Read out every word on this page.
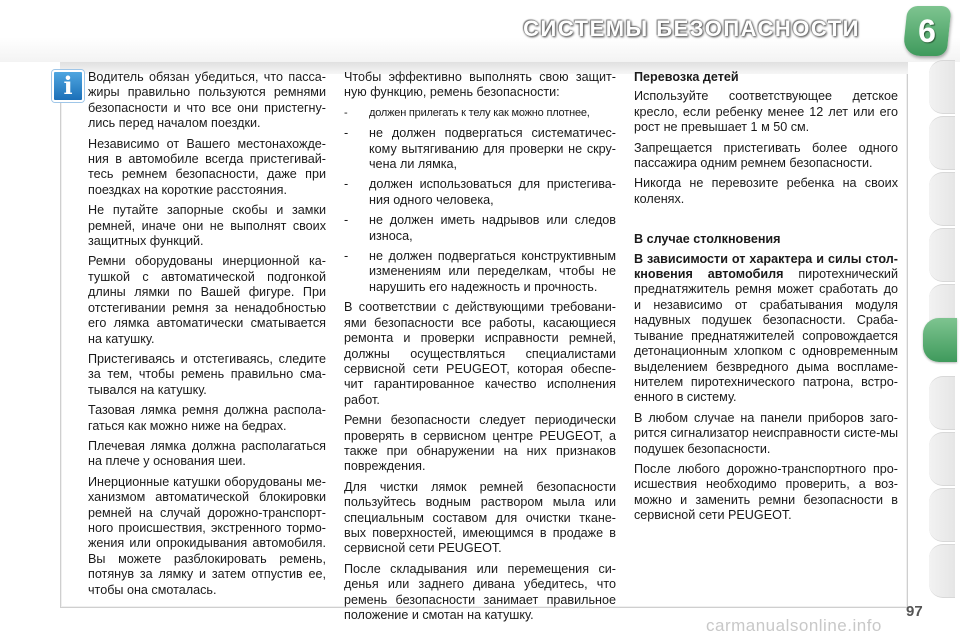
СИСТЕМЫ БЕЗОПАСНОСТИ	6
i	Водитель обязан убедиться, что пасса-жиры правильно пользуются ремнями безопасности и что все они пристегну-лись перед началом поездки.

Независимо от Вашего местонахожде-ния в автомобиле всегда пристегивай-тесь ремнем безопасности, даже при поездках на короткие расстояния.

Не путайте запорные скобы и замки ремней, иначе они не выполнят своих защитных функций.

Ремни оборудованы инерционной ка-тушкой с автоматической подгонкой длины лямки по Вашей фигуре. При отстегивании ремня за ненадобностью его лямка автоматически сматывается на катушку.

Пристегиваясь и отстегиваясь, следите за тем, чтобы ремень правильно сма-тывался на катушку.

Тазовая лямка ремня должна распола-гаться как можно ниже на бедрах.

Плечевая лямка должна располагаться на плече у основания шеи.

Инерционные катушки оборудованы ме-ханизмом автоматической блокировки ремней на случай дорожно-транспорт-ного происшествия, экстренного тормо-жения или опрокидывания автомобиля. Вы можете разблокировать ремень, потянув за лямку и затем отпустив ее, чтобы она смоталась.

Чтобы эффективно выполнять свою защит-ную функцию, ремень безопасности:

- должен прилегать к телу как можно плотнее,
- не должен подвергаться систематичес-кому вытягиванию для проверки не скру-чена ли лямка,
- должен использоваться для пристегива-ния одного человека,
- не должен иметь надрывов или следов износа,
- не должен подвергаться конструктивным изменениям или переделкам, чтобы не нарушить его надежность и прочность.

В соответствии с действующими требовани-ями безопасности все работы, касающиеся ремонта и проверки исправности ремней, должны осуществляться специалистами сервисной сети PEUGEOT, которая обеспе-чит гарантированное качество исполнения работ.

Ремни безопасности следует периодически проверять в сервисном центре PEUGEOT, а также при обнаружении на них признаков повреждения.

Для чистки лямок ремней безопасности пользуйтесь водным раствором мыла или специальным составом для очистки ткане-вых поверхностей, имеющимся в продаже в сервисной сети PEUGEOT.

После складывания или перемещения си-денья или заднего дивана убедитесь, что ремень безопасности занимает правильное положение и смотан на катушку.

Перевозка детей

Используйте соответствующее детское кресло, если ребенку менее 12 лет или его рост не превышает 1 м 50 см.

Запрещается пристегивать более одного пассажира одним ремнем безопасности.

Никогда не перевозите ребенка на своих коленях.

В случае столкновения

В зависимости от характера и силы стол-кновения автомобиля пиротехнический преднатяжитель ремня может сработать до и независимо от срабатывания модуля надувных подушек безопасности. Сраба-тывание преднатяжителей сопровождается детонационным хлопком с одновременным выделением безвредного дыма воспламе-нителем пиротехнического патрона, встро-енного в систему.

В любом случае на панели приборов заго-рится сигнализатор неисправности систе-мы подушек безопасности.

После любого дорожно-транспортного про-исшествия необходимо проверить, а воз-можно и заменить ремни безопасности в сервисной сети PEUGEOT.

97
carmanualsonline.info
